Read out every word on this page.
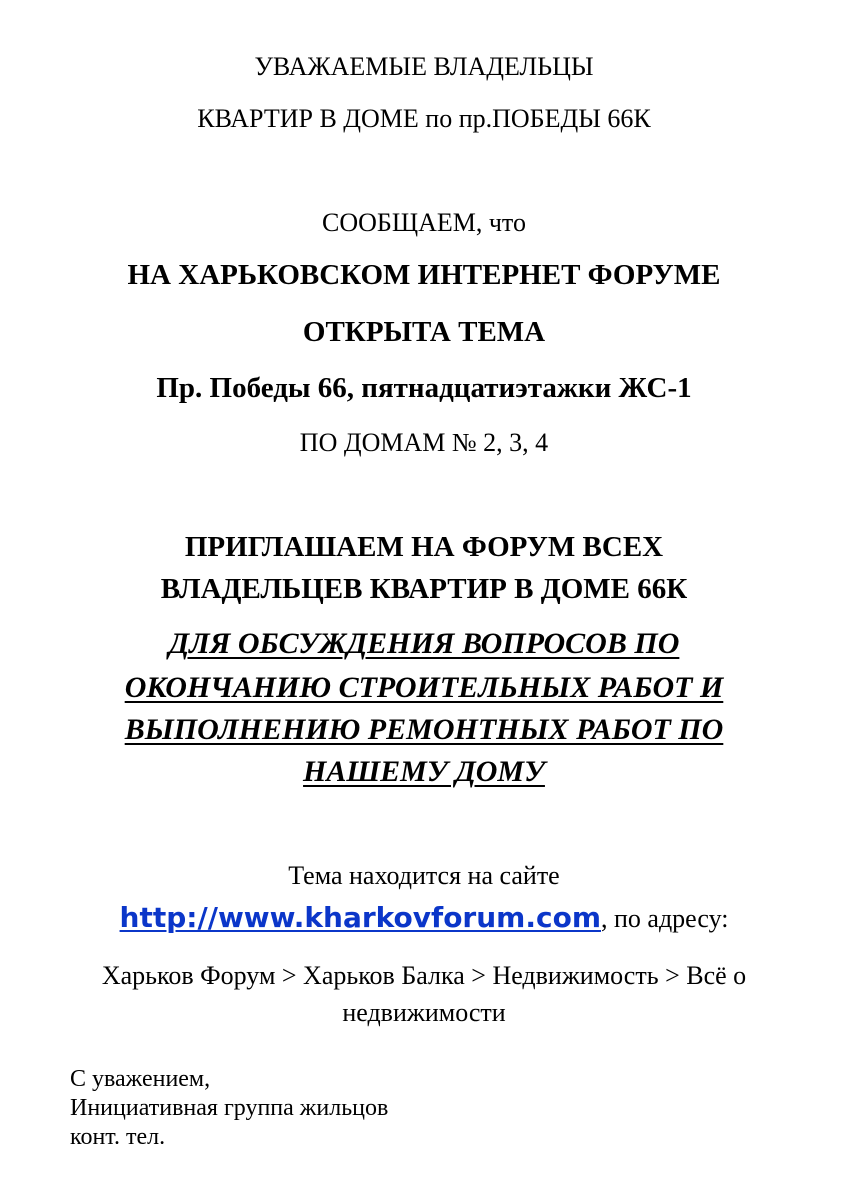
УВАЖАЕМЫЕ ВЛАДЕЛЬЦЫ

КВАРТИР В ДОМЕ по пр.ПОБЕДЫ 66К

СООБЩАЕМ, что

НА ХАРЬКОВСКОМ ИНТЕРНЕТ ФОРУМЕ

ОТКРЫТА ТЕМА

Пр. Победы 66, пятнадцатиэтажки ЖС-1

ПО ДОМАМ № 2, 3, 4

ПРИГЛАШАЕМ НА ФОРУМ ВСЕХ

ВЛАДЕЛЬЦЕВ КВАРТИР В ДОМЕ 66К

ДЛЯ ОБСУЖДЕНИЯ ВОПРОСОВ ПО

ОКОНЧАНИЮ СТРОИТЕЛЬНЫХ РАБОТ И

ВЫПОЛНЕНИЮ РЕМОНТНЫХ РАБОТ ПО

НАШЕМУ ДОМУ

Тема находится на сайте

http://www.kharkovforum.com, по адресу:

Харьков Форум > Харьков Балка > Недвижимость > Всё о

недвижимости

С уважением,

Инициативная группа жильцов

конт. тел.
